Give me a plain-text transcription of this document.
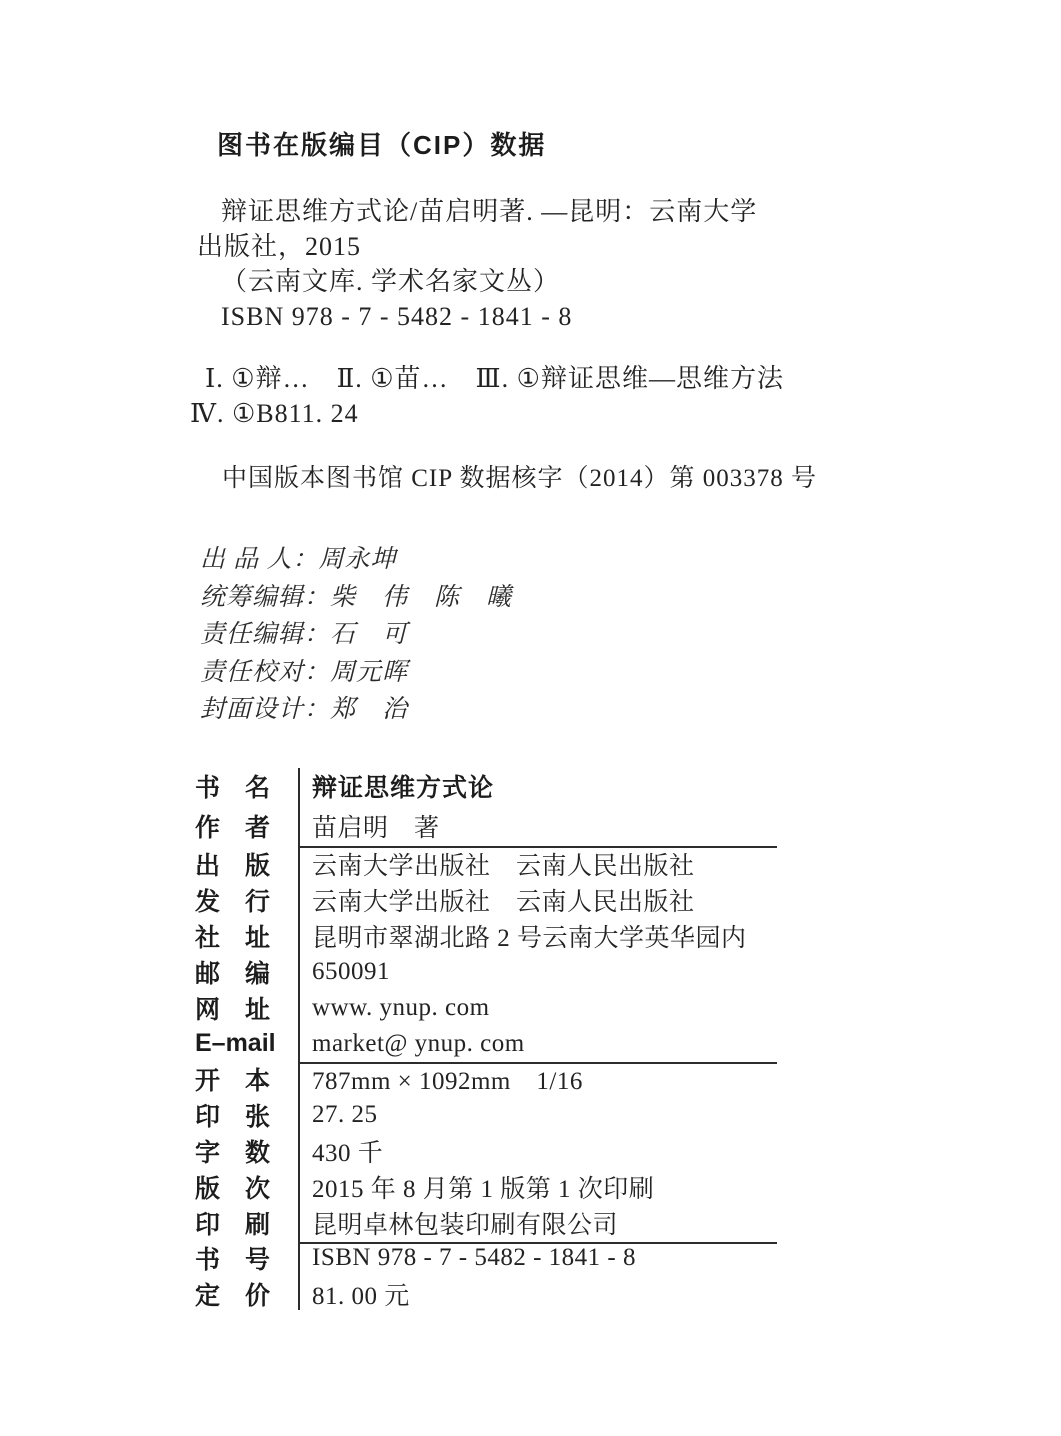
图书在版编目（CIP）数据

辩证思维方式论/苗启明著. —昆明：云南大学

出版社，2015

（云南文库. 学术名家文丛）

ISBN 978 - 7 - 5482 - 1841 - 8

Ⅰ. ①辩…　Ⅱ. ①苗…　Ⅲ. ①辩证思维—思维方法

Ⅳ. ①B811. 24

中国版本图书馆 CIP 数据核字（2014）第 003378 号
出 品 人：周永坤
统筹编辑：柴　伟　陈　曦
责任编辑：石　可
责任校对：周元晖
封面设计：郑　治
书　名	辩证思维方式论
作　者	苗启明　著
出　版	云南大学出版社　云南人民出版社
发　行	云南大学出版社　云南人民出版社
社　址	昆明市翠湖北路 2 号云南大学英华园内
邮　编	650091
网　址	www. ynup. com
E–mail	market@ ynup. com
开　本	787mm × 1092mm　1/16
印　张	27. 25
字　数	430 千
版　次	2015 年 8 月第 1 版第 1 次印刷
印　刷	昆明卓林包装印刷有限公司
书　号	ISBN 978 - 7 - 5482 - 1841 - 8
定　价	81. 00 元
